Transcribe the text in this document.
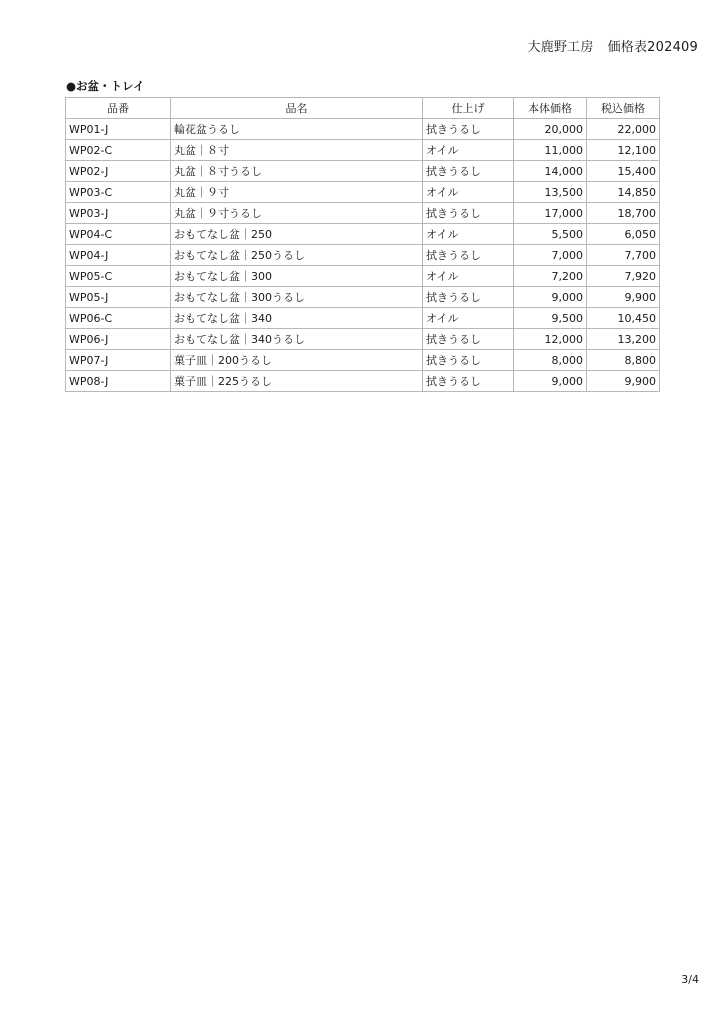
大鹿野工房 価格表202409
●お盆・トレイ
品番	品名	仕上げ	本体価格	税込価格
WP01-J	輪花盆うるし	拭きうるし	20,000	22,000
WP02-C	丸盆｜８寸	オイル	11,000	12,100
WP02-J	丸盆｜８寸うるし	拭きうるし	14,000	15,400
WP03-C	丸盆｜９寸	オイル	13,500	14,850
WP03-J	丸盆｜９寸うるし	拭きうるし	17,000	18,700
WP04-C	おもてなし盆｜250	オイル	5,500	6,050
WP04-J	おもてなし盆｜250うるし	拭きうるし	7,000	7,700
WP05-C	おもてなし盆｜300	オイル	7,200	7,920
WP05-J	おもてなし盆｜300うるし	拭きうるし	9,000	9,900
WP06-C	おもてなし盆｜340	オイル	9,500	10,450
WP06-J	おもてなし盆｜340うるし	拭きうるし	12,000	13,200
WP07-J	菓子皿｜200うるし	拭きうるし	8,000	8,800
WP08-J	菓子皿｜225うるし	拭きうるし	9,000	9,900
3/4
